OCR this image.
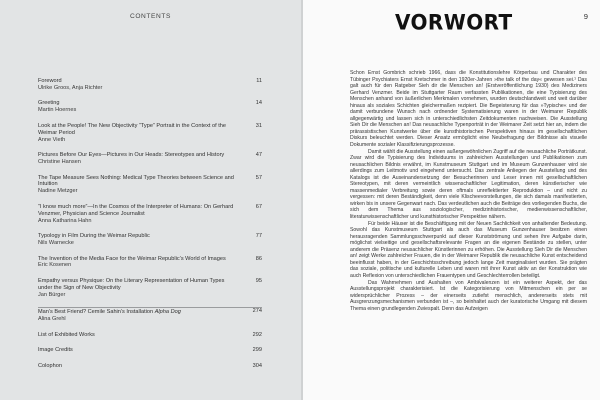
CONTENTS
Foreword
Ulrike Groos, Anja Richter
11
Greeting
Martin Hoernes
14
Look at the People! The New Objectivity “Type” Portrait in the Context of the Weimar Period
Anne Vieth
31
Pictures Before Our Eyes—Pictures in Our Heads: Stereotypes and History
Christine Hansen
47
The Tape Measure Sees Nothing: Medical Type Theories between Science and Intuition
Nadine Metzger
57
“I know much more”—In the Cosmos of the Interpreter of Humans: On Gerhard Venzmer, Physician and Science Journalist
Anna Katharina Hahn
67
Typology in Film During the Weimar Republic
Nils Warnecke
77
The Invention of the Media Face for the Weimar Republic’s World of Images
Eric Kosenen
86
Empathy versus Physique: On the Literary Representation of Human Types under the Sign of New Objectivity
Jan Bürger
95
Man’s Best Friend? Cemile Sahin’s Installation Alpha Dog
Alina Grehl
274
List of Exhibited Works	292
Image Credits	299
Colophon	304
VORWORT	9

Schon Ernst Gombrich schrieb 1966, dass die Konstitutionslehre Körperbau und Charakter des Tübinger Psychiaters Ernst Kretschmer in den 1920er-Jahren »the talk of the day« gewesen sei.¹ Das galt auch für den Ratgeber Sieh dir die Menschen an! (Erstveröffentlichung 1930) des Mediziners Gerhard Venzmer. Beide im Stuttgarter Raum verfassten Publikationen, die eine Typisierung des Menschen anhand von äußerlichen Merkmalen vornehmen, wurden deutschlandweit und weit darüber hinaus als soziales Schichten gleichermaßen rezipiert. Die Begeisterung für das »Typische« und der damit verbundene Wunsch nach ordnender Systematisierung waren in der Weimarer Republik allgegenwärtig und lassen sich in unterschiedlichsten Zeitdokumenten nachweisen. Die Ausstellung Sieh Dir die Menschen an! Das neusachliche Typenporträt in der Weimarer Zeit setzt hier an, indem die prärassistischen Kunstwerke über die kunsthistorischen Perspektiven hinaus im gesellschaftlichen Diskurs beleuchtet werden. Dieser Ansatz ermöglicht eine Neubefragung der Bildnisse als visuelle Dokumente sozialer Klassifizierungsprozesse.

Damit wählt die Ausstellung einen außergewöhnlichen Zugriff auf die neusachliche Porträtkunst. Zwar wird die Typisierung des Individuums in zahlreichen Ausstellungen und Publikationen zum neusachlichen Bildnis erwähnt, im Kunstmuseum Stuttgart und im Museum Gunzenhauser wird sie allerdings zum Leitmotiv und eingehend untersucht. Das zentrale Anliegen der Ausstellung und des Katalogs ist die Auseinandersetzung der Besucherinnen und Leser innen mit gesellschaftlichen Stereotypen, mit deren vermeintlich wissenschaftlicher Legitimation, deren künstlerischer wie massenmedialer Verbreitung sowie deren oftmals unreflektierter Reproduktion – und nicht zu vergessen: mit deren Beständigkeit, denn viele Klischeevorstellungen, die sich damals manifestierten, wirken bis in unsere Gegenwart nach. Das verdeutlichen auch die Beiträge des vorliegenden Buchs, die sich dem Thema aus soziologischer, medizinhistorischer, medienwissenschaftlicher, literaturwissenschaftlicher und kunsthistorischer Perspektive nähern.

Für beide Häuser ist die Beschäftigung mit der Neuen Sachlichkeit von anhaltender Bedeutung. Sowohl das Kunstmuseum Stuttgart als auch das Museum Gunzenhauser besitzen einen herausragenden Sammlungsschwerpunkt auf dieser Kunstströmung und sehen ihre Aufgabe darin, möglichst vielseitige und gesellschaftsrelevante Fragen an die eigenen Bestände zu stellen, unter anderem die Präsenz neusachlicher Künstlerinnen zu erhöhen. Die Ausstellung Sieh Dir die Menschen an! zeigt Werke zahlreicher Frauen, die in der Weimarer Republik die neusachliche Kunst entscheidend beeinflusst haben, in der Geschichtsschreibung jedoch lange Zeit marginalisiert wurden. Sie prägten das soziale, politische und kulturelle Leben und waren mit ihrer Kunst aktiv an der Konstruktion wie auch Reflexion von unterschiedlichen Frauentypen und Geschlechterrollen beteiligt.

Das Wahrnehmen und Aushalten von Ambivalenzen ist ein weiterer Aspekt, der das Ausstellungsprojekt charakterisiert. Ist die Kategorisierung von Mitmenschen ein per se widersprüchlicher Prozess – der einerseits zutiefst menschlich, andererseits stets mit Ausgrenzungsmechanismen verbunden ist –, so beinhaltet auch der kuratorische Umgang mit diesem Thema einen grundlegenden Zwiespalt. Denn das Aufzeigen
